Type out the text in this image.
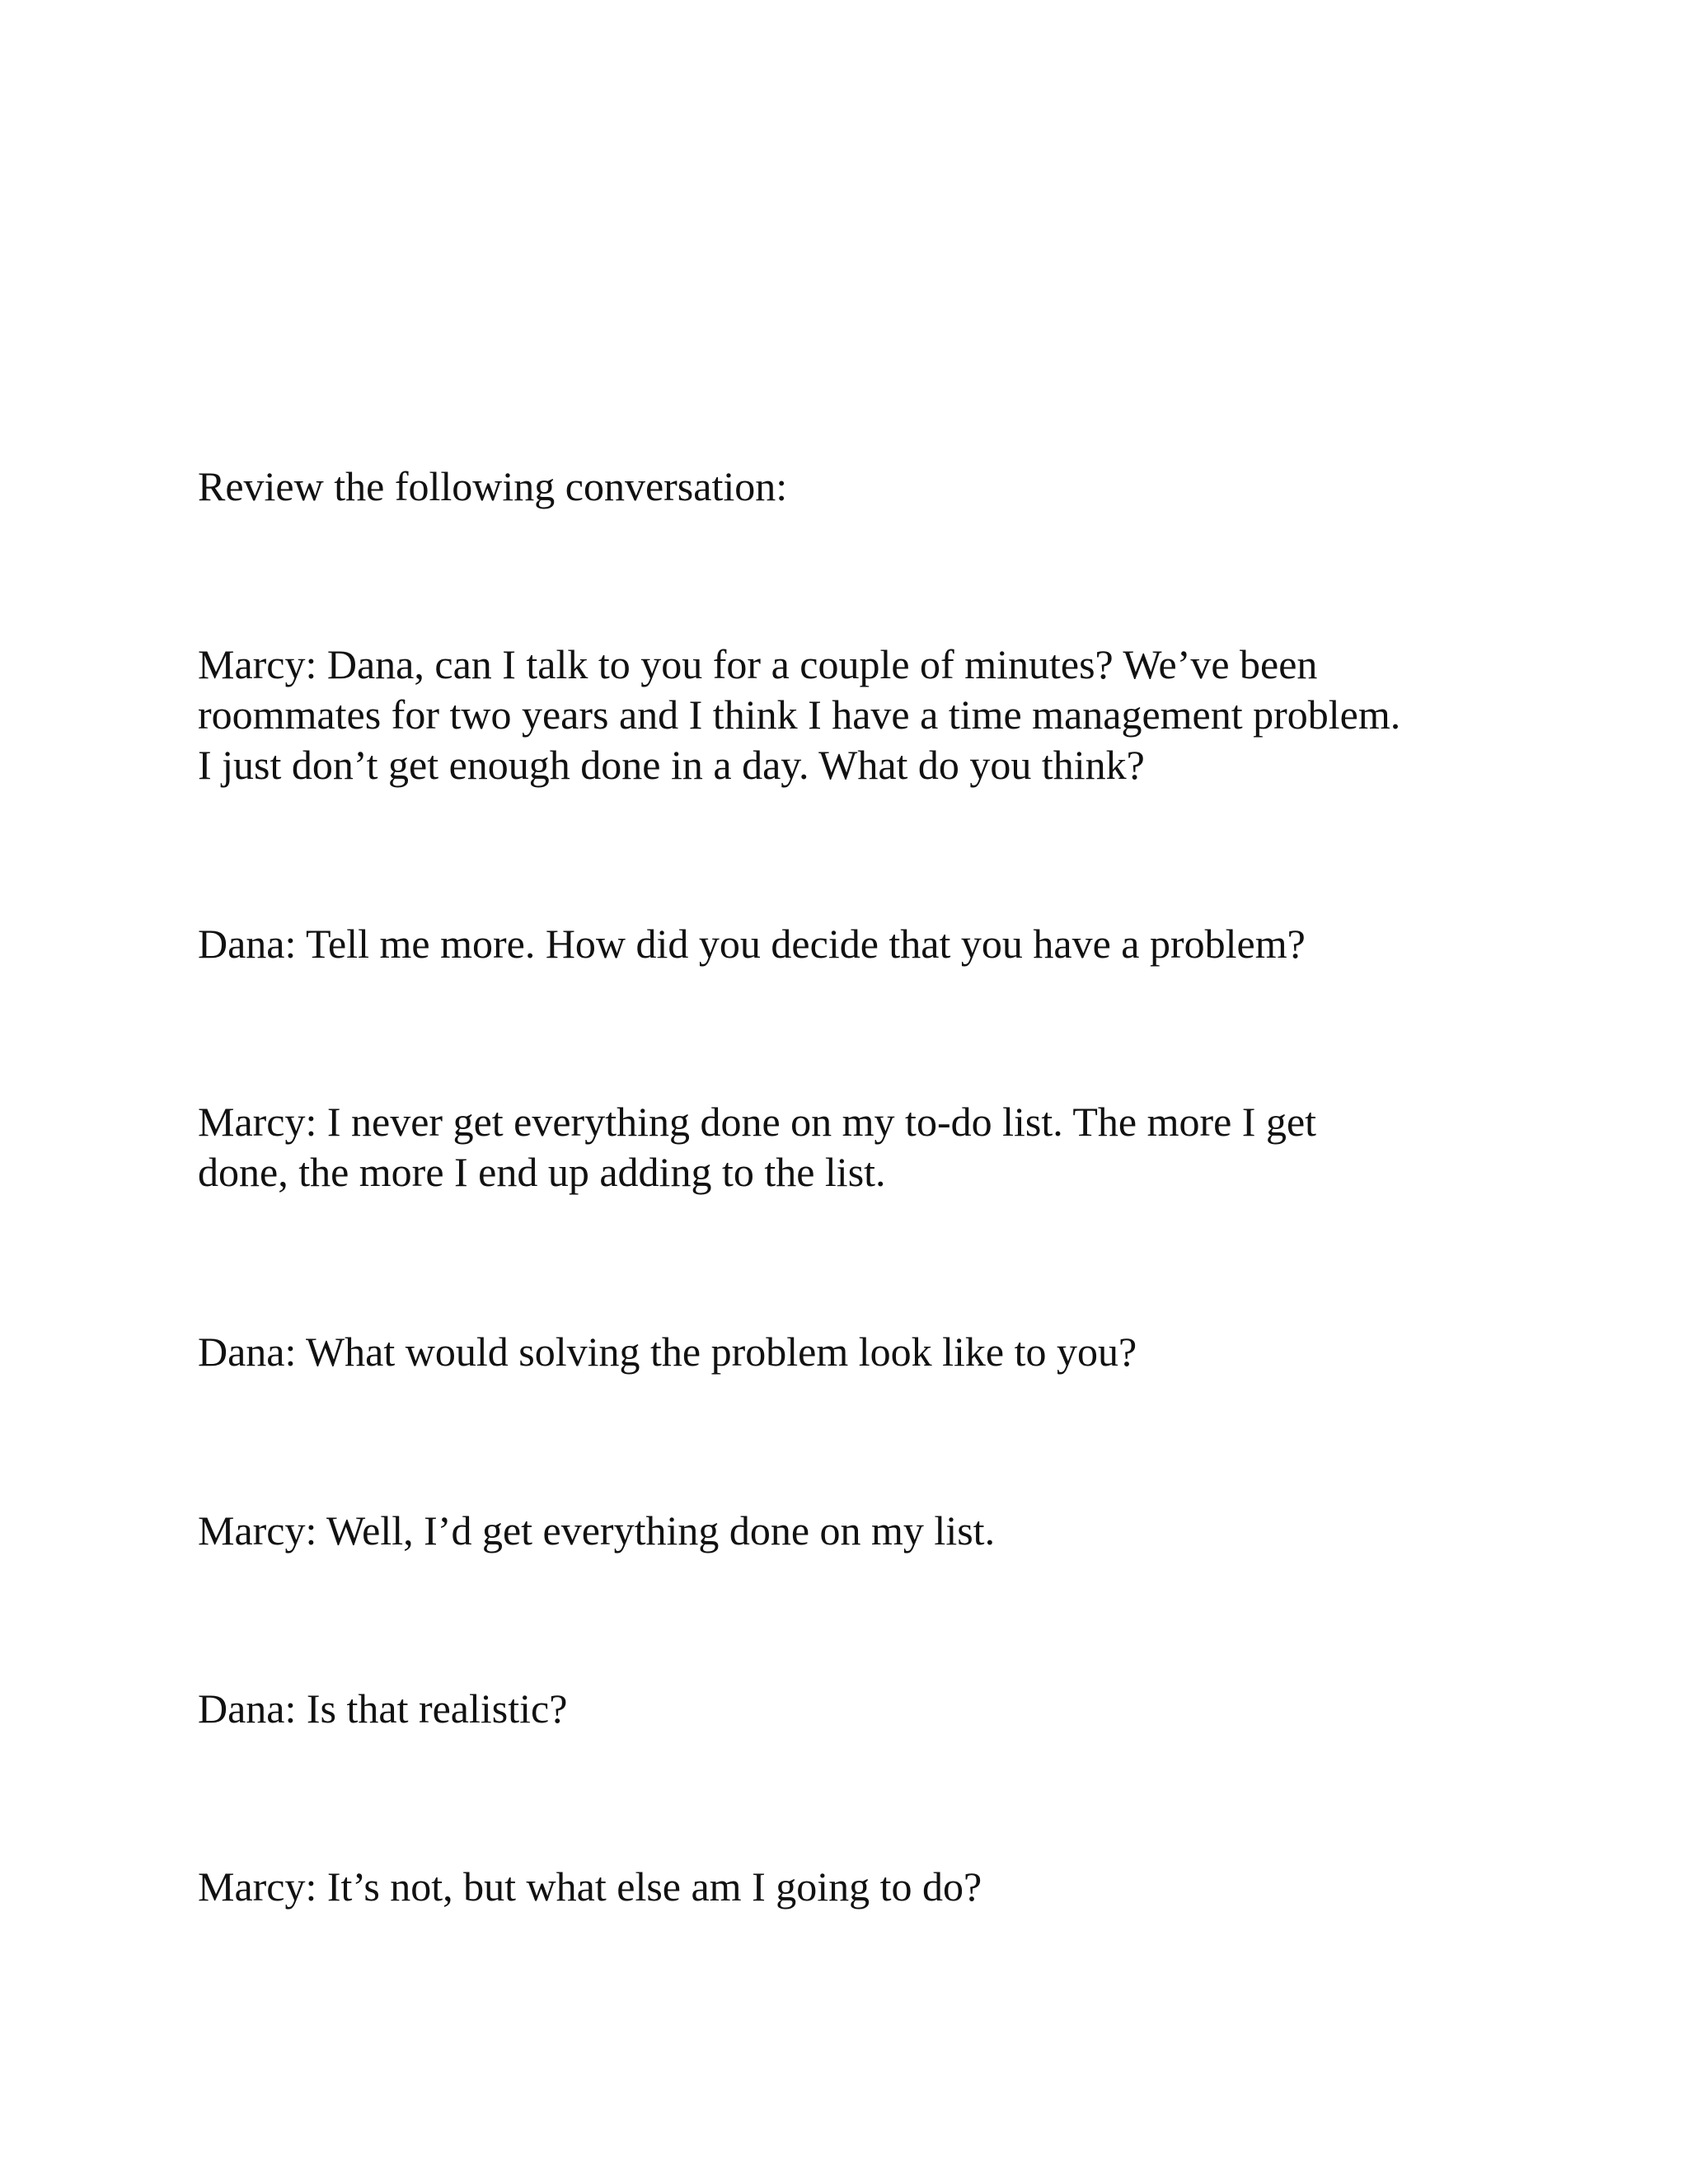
Review the following conversation:
Marcy: Dana, can I talk to you for a couple of minutes? We’ve been
roommates for two years and I think I have a time management problem.
I just don’t get enough done in a day. What do you think?
Dana: Tell me more. How did you decide that you have a problem?
Marcy: I never get everything done on my to-do list. The more I get
done, the more I end up adding to the list.
Dana: What would solving the problem look like to you?
Marcy: Well, I’d get everything done on my list.
Dana: Is that realistic?
Marcy: It’s not, but what else am I going to do?
